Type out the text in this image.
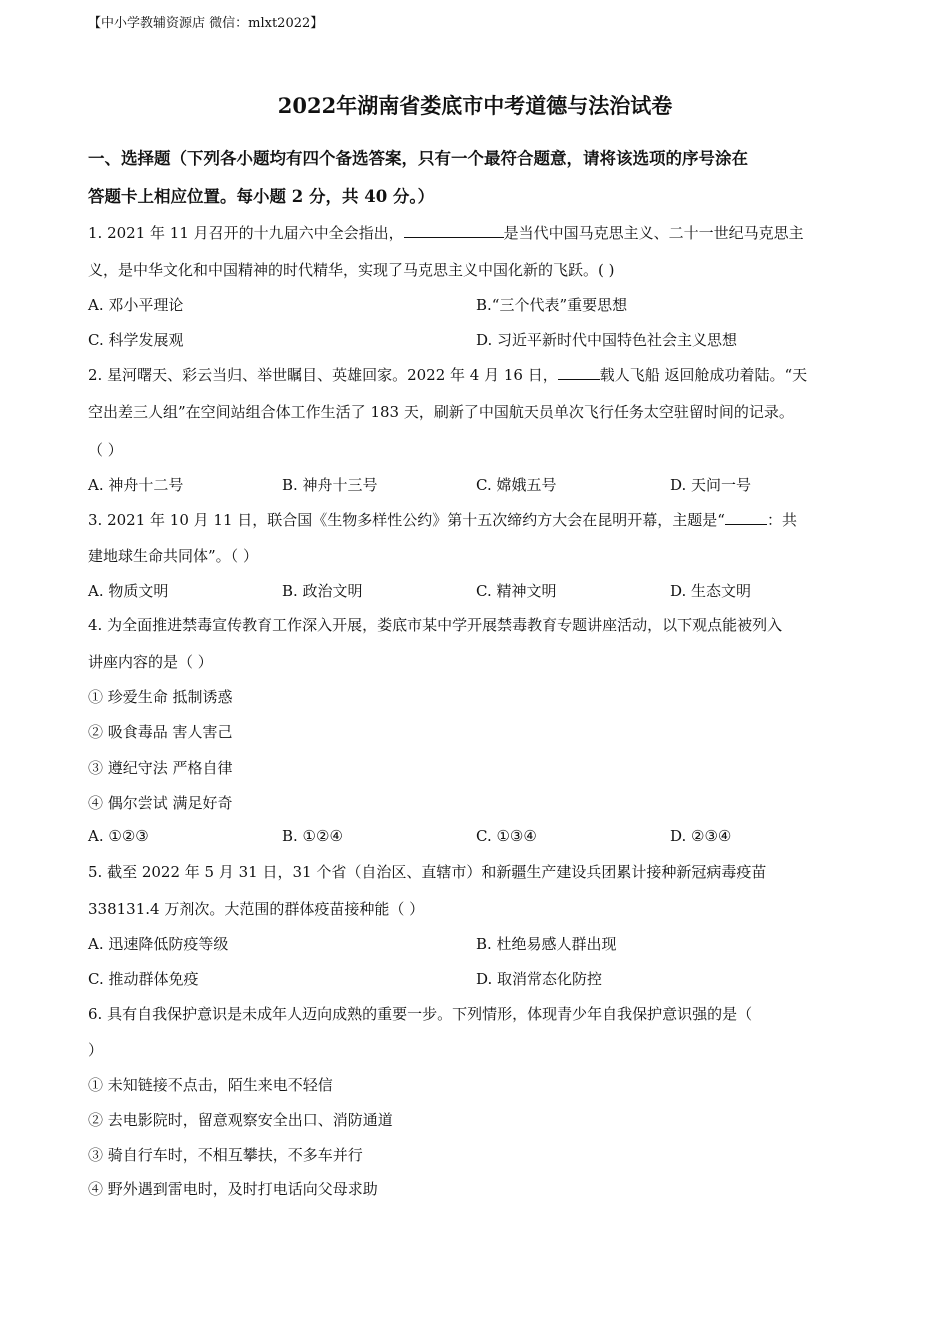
【中小学教辅资源店 微信：mlxt2022】
2022年湖南省娄底市中考道德与法治试卷
一、选择题（下列各小题均有四个备选答案，只有一个最符合题意，请将该选项的序号涂在
答题卡上相应位置。每小题 2 分，共 40 分。）
1. 2021 年 11 月召开的十九届六中全会指出，	是当代中国马克思主义、二十一世纪马克思主
义，是中华文化和中国精神的时代精华，实现了马克思主义中国化新的飞跃。( )
A. 邓小平理论	B.“三个代表”重要思想
C. 科学发展观	D. 习近平新时代中国特色社会主义思想
2. 星河曙天、彩云当归、举世瞩目、英雄回家。2022 年 4 月 16 日，	载人飞船 返回舱成功着陆。“天
空出差三人组”在空间站组合体工作生活了 183 天，刷新了中国航天员单次飞行任务太空驻留时间的记录。
（ ）
A. 神舟十二号	B. 神舟十三号	C. 嫦娥五号	D. 天问一号
3. 2021 年 10 月 11 日，联合国《生物多样性公约》第十五次缔约方大会在昆明开幕，主题是“	：共
建地球生命共同体”。（ ）
A. 物质文明	B. 政治文明	C. 精神文明	D. 生态文明
4. 为全面推进禁毒宣传教育工作深入开展，娄底市某中学开展禁毒教育专题讲座活动，以下观点能被列入
讲座内容的是（ ）
① 珍爱生命 抵制诱惑
② 吸食毒品 害人害己
③ 遵纪守法 严格自律
④ 偶尔尝试 满足好奇
A. ①②③	B. ①②④	C. ①③④	D. ②③④
5. 截至 2022 年 5 月 31 日，31 个省（自治区、直辖市）和新疆生产建设兵团累计接种新冠病毒疫苗
338131.4 万剂次。大范围的群体疫苗接种能（ ）
A. 迅速降低防疫等级	B. 杜绝易感人群出现
C. 推动群体免疫	D. 取消常态化防控
6. 具有自我保护意识是未成年人迈向成熟的重要一步。下列情形，体现青少年自我保护意识强的是（
）
① 未知链接不点击，陌生来电不轻信
② 去电影院时，留意观察安全出口、消防通道
③ 骑自行车时，不相互攀扶，不多车并行
④ 野外遇到雷电时，及时打电话向父母求助
